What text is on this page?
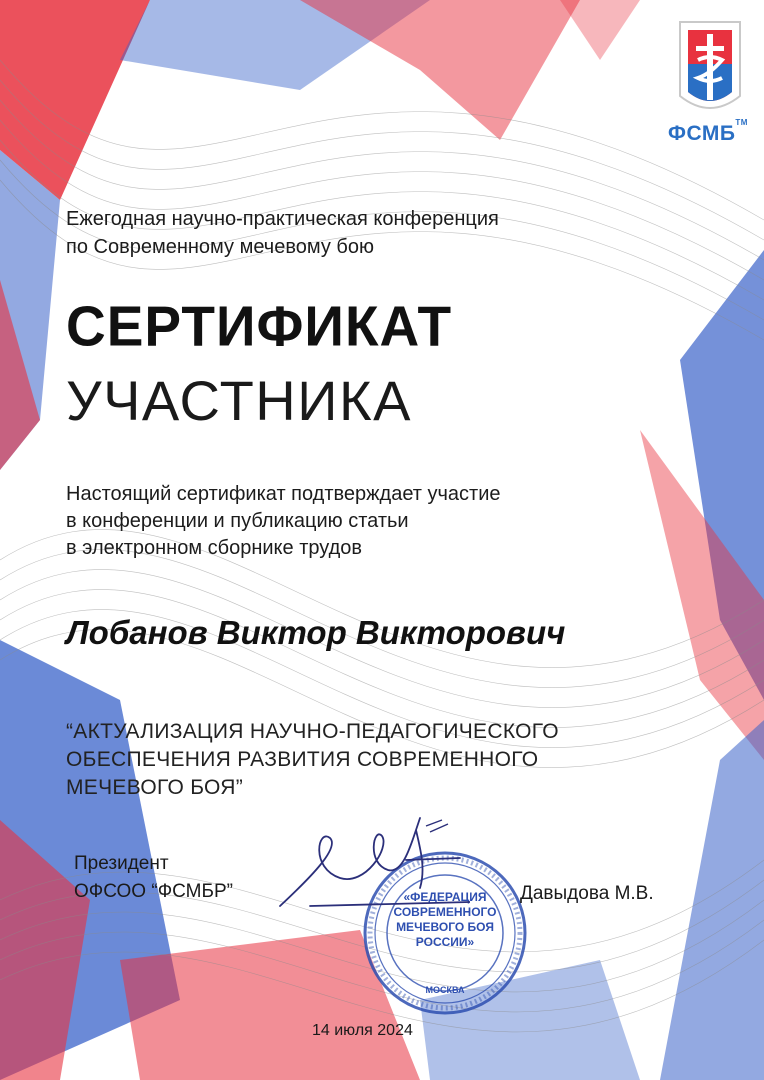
ФСМБ™
Ежегодная научно-практическая конференция
по Современному мечевому бою
СЕРТИФИКАТ
УЧАСТНИКА
Настоящий сертификат подтверждает участие
в конференции и публикацию статьи
в электронном сборнике трудов
Лобанов Виктор Викторович
“АКТУАЛИЗАЦИЯ НАУЧНО-ПЕДАГОГИЧЕСКОГО
ОБЕСПЕЧЕНИЯ РАЗВИТИЯ СОВРЕМЕННОГО
МЕЧЕВОГО БОЯ”
Президент
ОФСОО “ФСМБР”	«ФЕДЕРАЦИЯ
СОВРЕМЕННОГО
МЕЧЕВОГО БОЯ
РОССИИ»
МОСКВА
Давыдова М.В.
14 июля 2024
